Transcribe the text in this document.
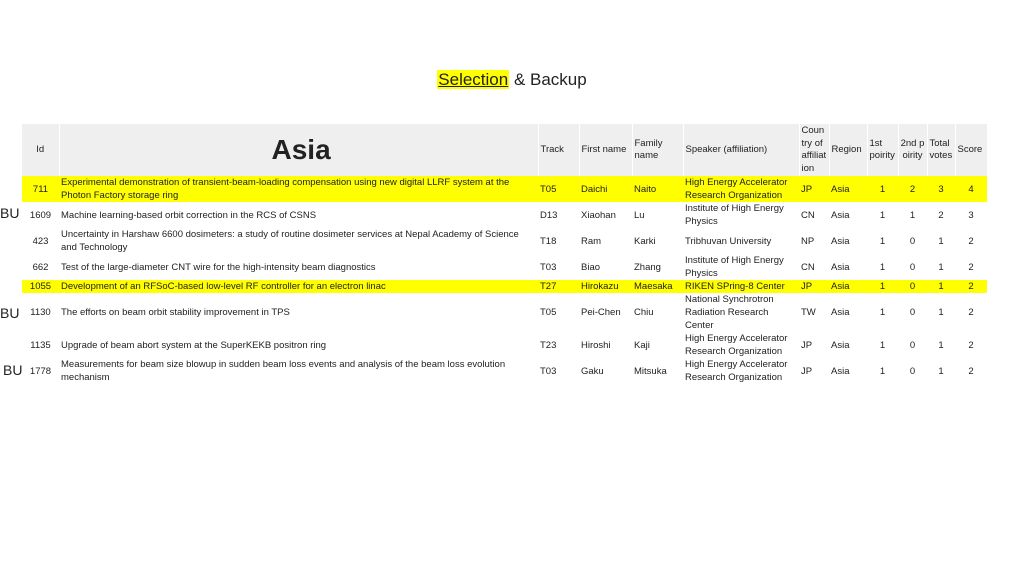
Selection & Backup
BU
BU
BU
Id	Asia	Track	First name	Family name	Speaker (affiliation)	Country of affiliation	Region	1st poirity	2nd poirity	Total votes	Score
711	Experimental demonstration of transient-beam-loading compensation using new digital LLRF system at the Photon Factory storage ring	T05	Daichi	Naito	High Energy Accelerator Research Organization	JP	Asia	1	2	3	4
1609	Machine learning-based orbit correction in the RCS of CSNS	D13	Xiaohan	Lu	Institute of High Energy Physics	CN	Asia	1	1	2	3
423	Uncertainty in Harshaw 6600 dosimeters: a study of routine dosimeter services at Nepal Academy of Science and Technology	T18	Ram	Karki	Tribhuvan University	NP	Asia	1	0	1	2
662	Test of the large-diameter CNT wire for the high-intensity beam diagnostics	T03	Biao	Zhang	Institute of High Energy Physics	CN	Asia	1	0	1	2
1055	Development of an RFSoC-based low-level RF controller for an electron linac	T27	Hirokazu	Maesaka	RIKEN SPring-8 Center	JP	Asia	1	0	1	2
1130	The efforts on beam orbit stability improvement in TPS	T05	Pei-Chen	Chiu	National Synchrotron Radiation Research Center	TW	Asia	1	0	1	2
1135	Upgrade of beam abort system at the SuperKEKB positron ring	T23	Hiroshi	Kaji	High Energy Accelerator Research Organization	JP	Asia	1	0	1	2
1778	Measurements for beam size blowup in sudden beam loss events and analysis of the beam loss evolution mechanism	T03	Gaku	Mitsuka	High Energy Accelerator Research Organization	JP	Asia	1	0	1	2
